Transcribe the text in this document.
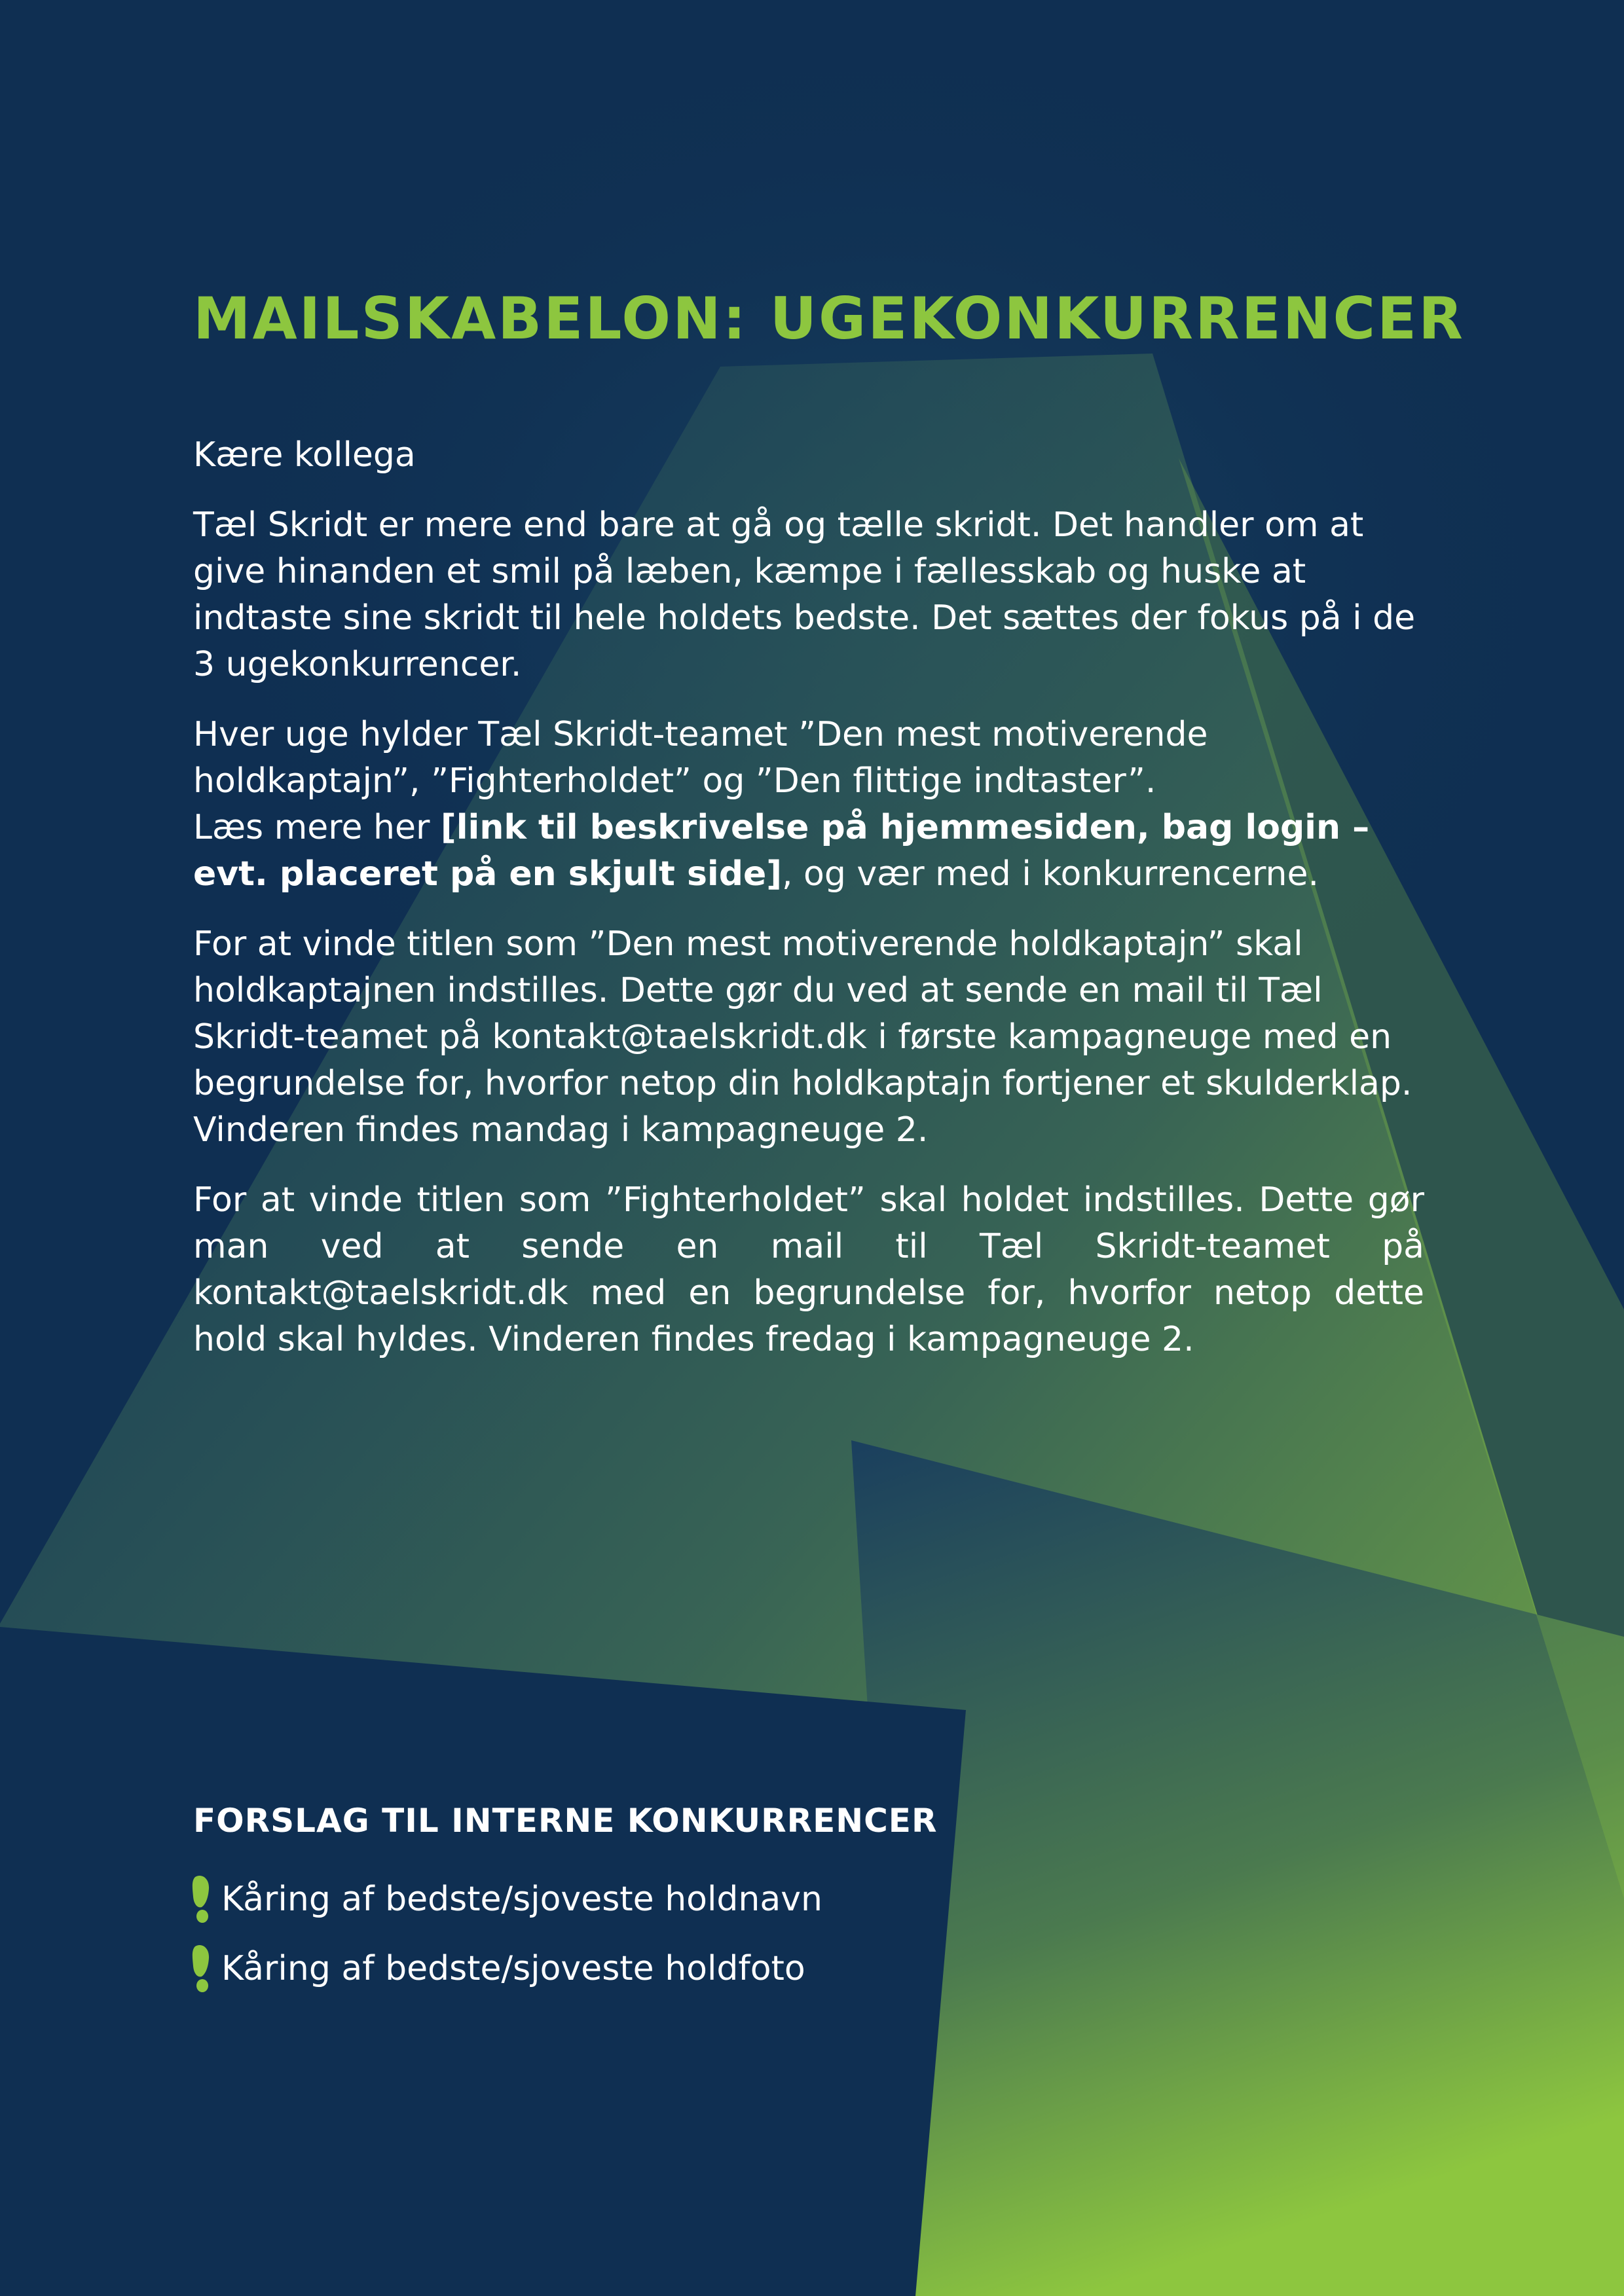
MAILSKABELON: UGEKONKURRENCER

Kære kollega

Tæl Skridt er mere end bare at gå og tælle skridt. Det handler om at give hinanden et smil på læben, kæmpe i fællesskab og huske at indtaste sine skridt til hele holdets bedste. Det sættes der fokus på i de 3 ugekonkurrencer.

Hver uge hylder Tæl Skridt-teamet ”Den mest motiverende holdkaptajn”, ”Fighterholdet” og ”Den flittige indtaster”.
Læs mere her [link til beskrivelse på hjemmesiden, bag login – evt. placeret på en skjult side], og vær med i konkurrencerne.

For at vinde titlen som ”Den mest motiverende holdkaptajn” skal holdkaptajnen indstilles. Dette gør du ved at sende en mail til Tæl Skridt-teamet på kontakt@taelskridt.dk i første kampagneuge med en begrundelse for, hvorfor netop din holdkaptajn fortjener et skulderklap. Vinderen findes mandag i kampagneuge 2.

For at vinde titlen som ”Fighterholdet” skal holdet indstilles. Dette gør man ved at sende en mail til Tæl Skridt-teamet på kontakt@taelskridt.dk med en begrundelse for, hvorfor netop dette hold skal hyldes. Vinderen findes fredag i kampagneuge 2.

FORSLAG TIL INTERNE KONKURRENCER
Kåring af bedste/sjoveste holdnavn
Kåring af bedste/sjoveste holdfoto
